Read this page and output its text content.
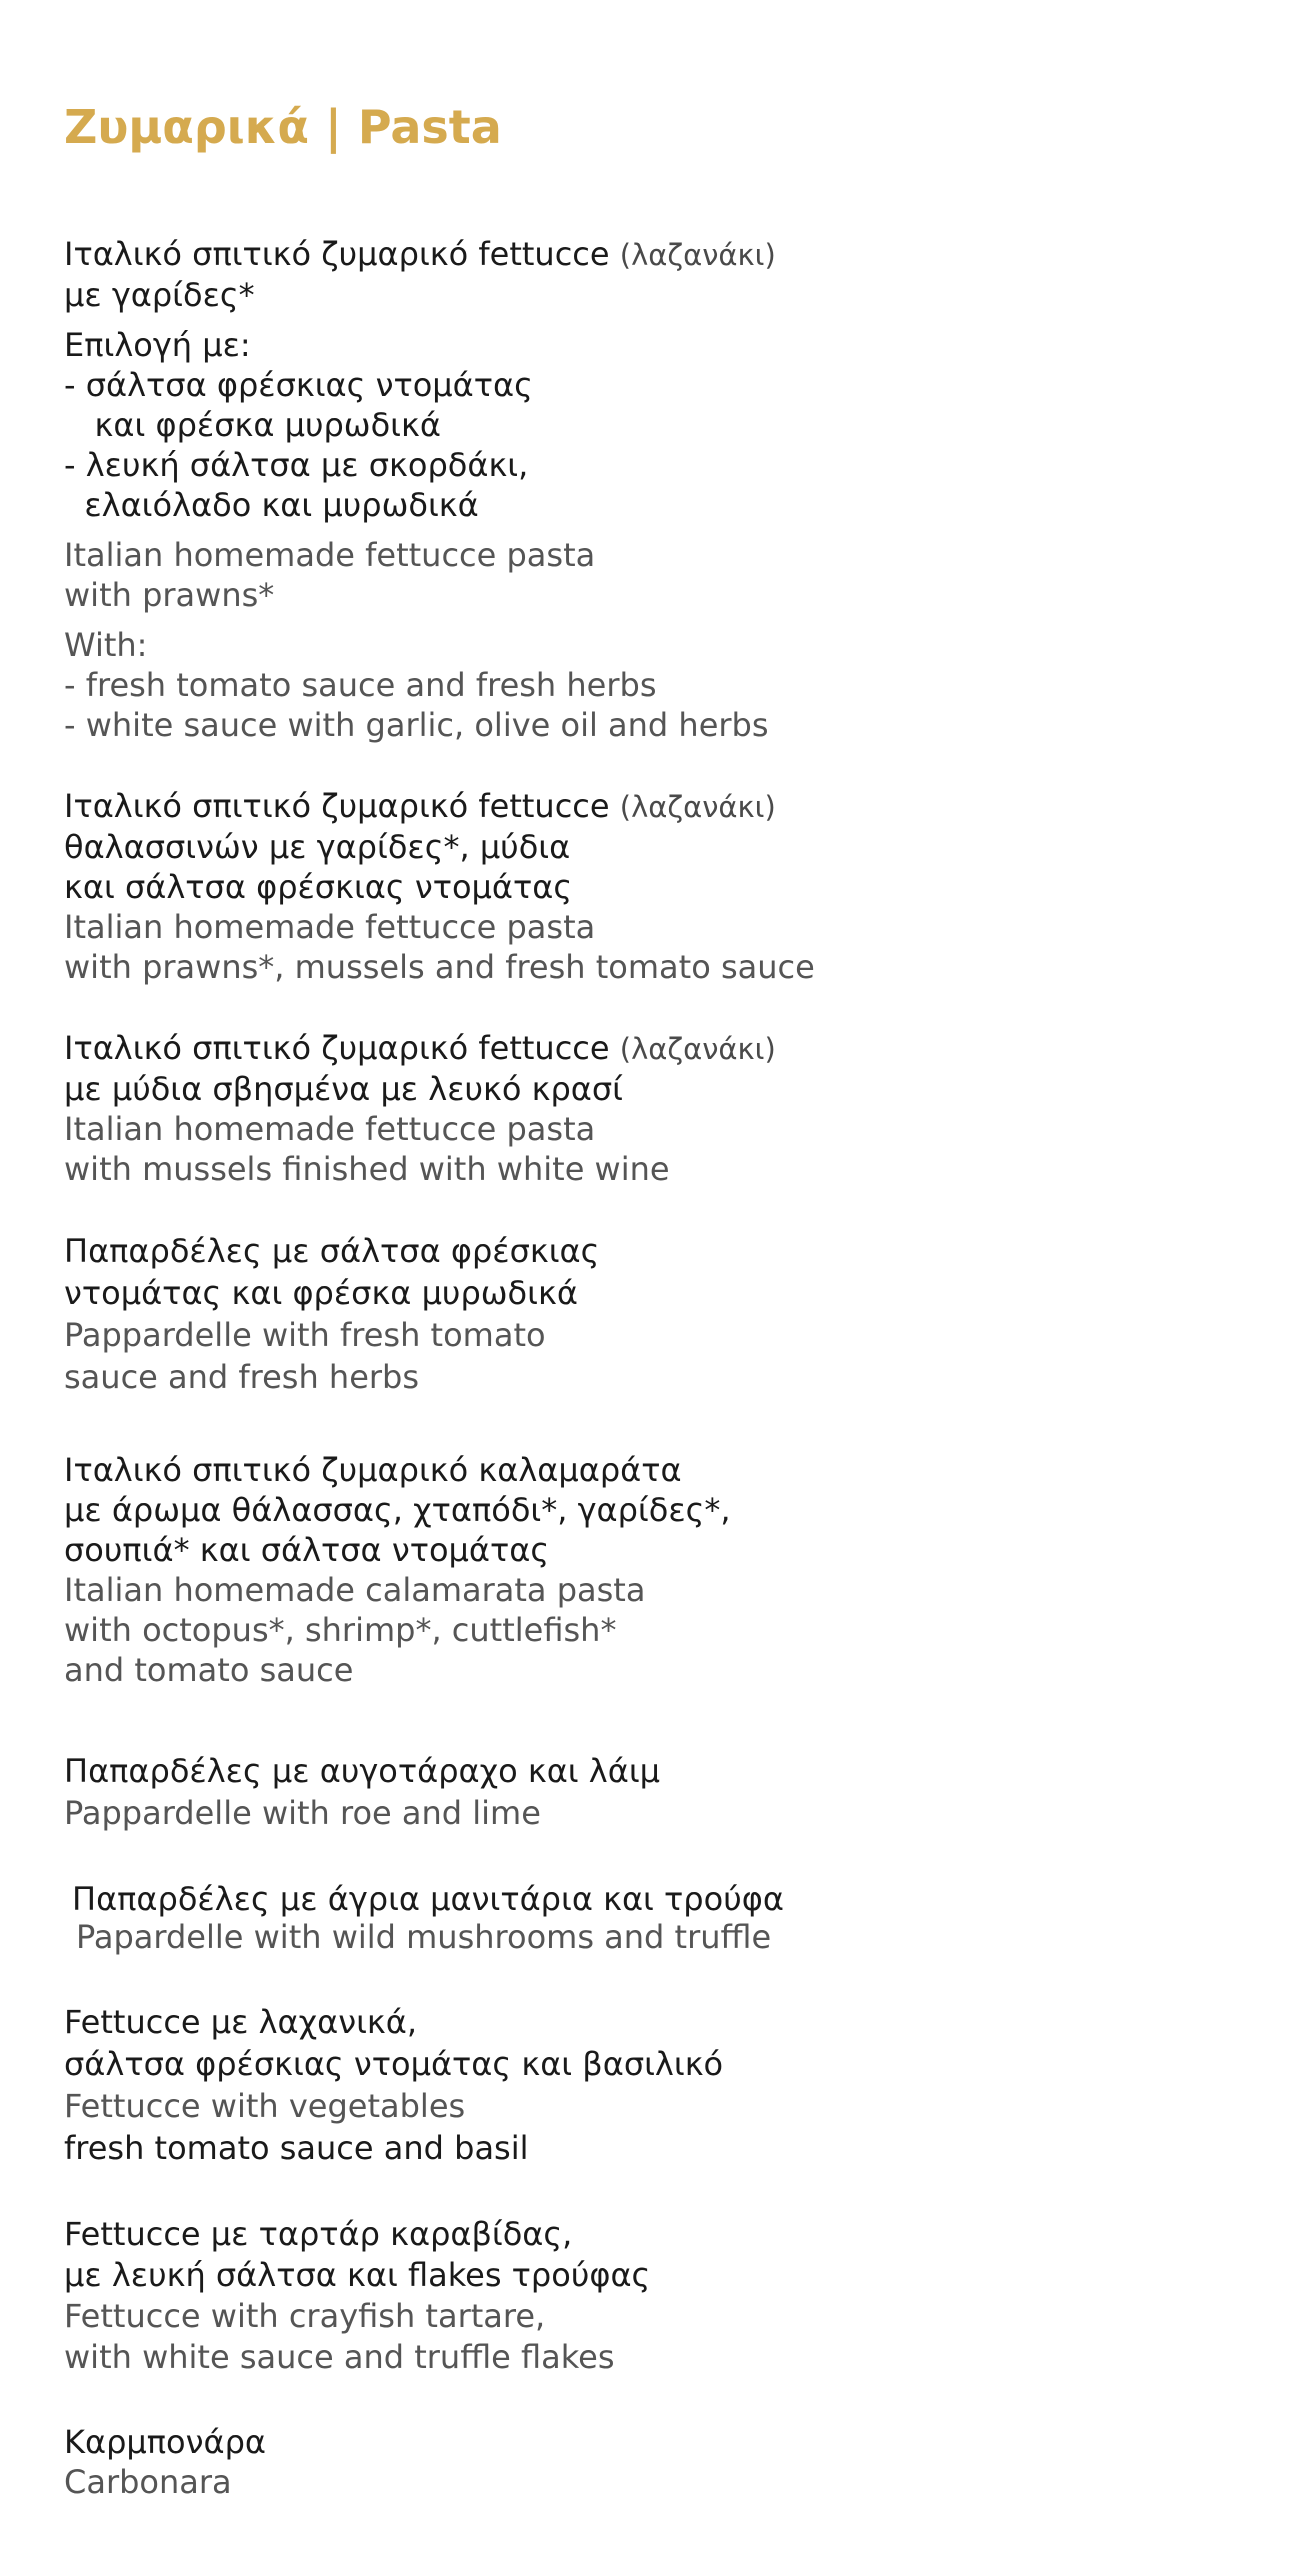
Ζυμαρικά | Pasta
Ιταλικό σπιτικό ζυμαρικό fettucce (λαζανάκι)
με γαρίδες*
Επιλογή με:
- σάλτσα φρέσκιας ντομάτας
και φρέσκα μυρωδικά
- λευκή σάλτσα με σκορδάκι,
ελαιόλαδο και μυρωδικά
Italian homemade fettucce pasta
with prawns*
With:
- fresh tomato sauce and fresh herbs
- white sauce with garlic, olive oil and herbs
Ιταλικό σπιτικό ζυμαρικό fettucce (λαζανάκι)
θαλασσινών με γαρίδες*, μύδια
και σάλτσα φρέσκιας ντομάτας
Italian homemade fettucce pasta
with prawns*, mussels and fresh tomato sauce
Ιταλικό σπιτικό ζυμαρικό fettucce (λαζανάκι)
με μύδια σβησμένα με λευκό κρασί
Italian homemade fettucce pasta
with mussels finished with white wine
Παπαρδέλες με σάλτσα φρέσκιας
ντομάτας και φρέσκα μυρωδικά
Pappardelle with fresh tomato
sauce and fresh herbs
Ιταλικό σπιτικό ζυμαρικό καλαμαράτα
με άρωμα θάλασσας, χταπόδι*, γαρίδες*,
σουπιά* και σάλτσα ντομάτας
Italian homemade calamarata pasta
with octopus*, shrimp*, cuttlefish*
and tomato sauce
Παπαρδέλες με αυγοτάραχο και λάιμ
Pappardelle with roe and lime
Παπαρδέλες με άγρια μανιτάρια και τρούφα
Papardelle with wild mushrooms and truffle
Fettucce με λαχανικά,
σάλτσα φρέσκιας ντομάτας και βασιλικό
Fettucce with vegetables
fresh tomato sauce and basil
Fettucce με ταρτάρ καραβίδας,
με λευκή σάλτσα και flakes τρούφας
Fettucce with crayfish tartare,
with white sauce and truffle flakes
Καρμπονάρα
Carbonara
